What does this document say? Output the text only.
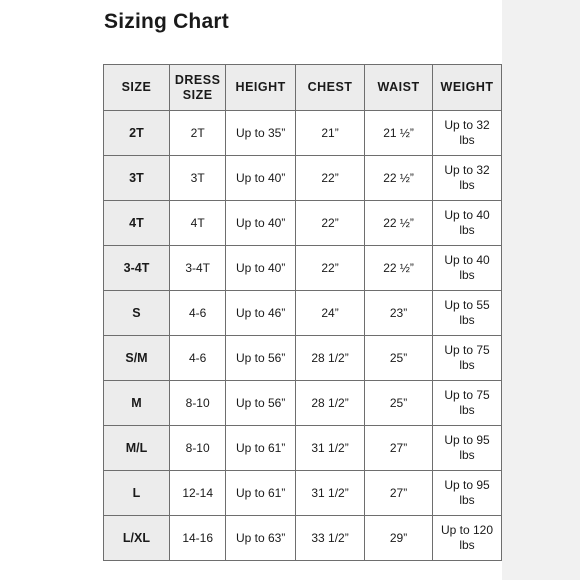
Sizing Chart
SIZE	DRESS SIZE	HEIGHT	CHEST	WAIST	WEIGHT
2T	2T	Up to 35”	21”	21 ½”	Up to 32 lbs
3T	3T	Up to 40”	22”	22 ½”	Up to 32 lbs
4T	4T	Up to 40”	22”	22 ½”	Up to 40 lbs
3-4T	3-4T	Up to 40”	22”	22 ½”	Up to 40 lbs
S	4-6	Up to 46”	24”	23”	Up to 55 lbs
S/M	4-6	Up to 56”	28 1/2”	25”	Up to 75 lbs
M	8-10	Up to 56”	28 1/2”	25”	Up to 75 lbs
M/L	8-10	Up to 61”	31 1/2”	27”	Up to 95 lbs
L	12-14	Up to 61”	31 1/2”	27”	Up to 95 lbs
L/XL	14-16	Up to 63”	33 1/2”	29”	Up to 120 lbs
